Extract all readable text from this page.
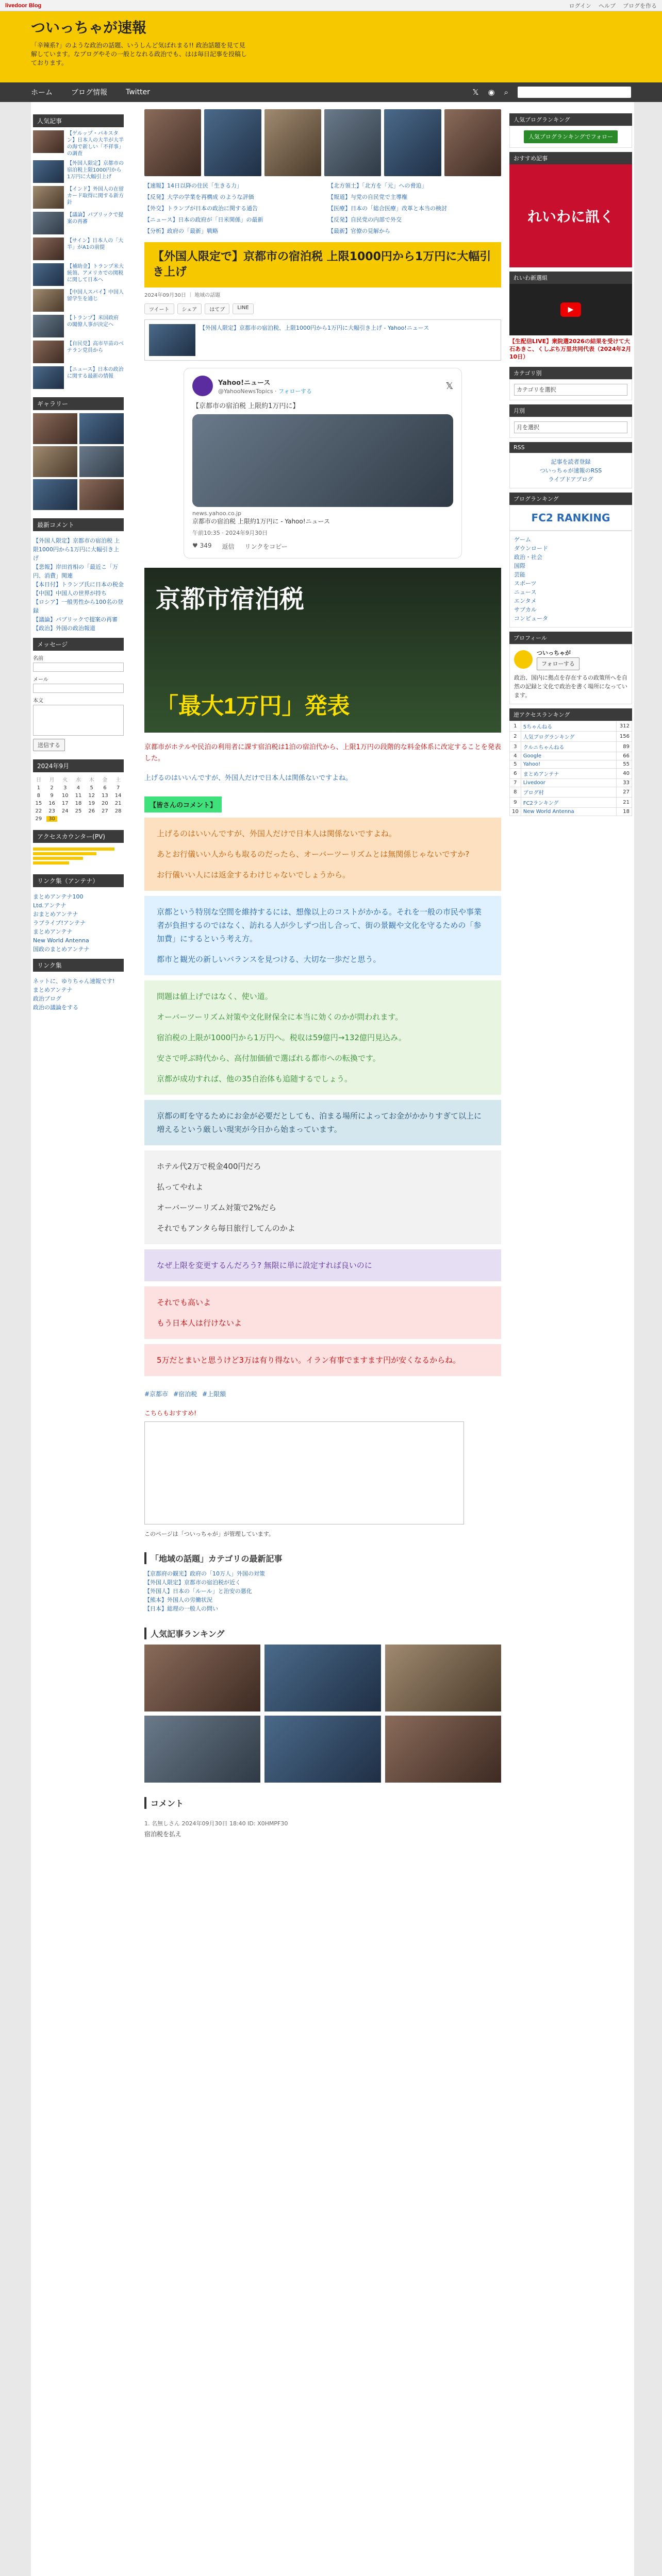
livedoor Blog	ログイン ヘルプ ブログを作る
ついっちゃが速報
「辛辣系?」のような政治の話題、いうしんど気ばれまる!! 政治話題を見て見解しています。なプログやその一般となれる政治でも、はは毎日記事を投稿しております。
ホーム	ブログ情報	Twitter	𝕏 ◉ ⌕
人気記事
【ゲルップ・パキスタン】日本人の大半が大半の海で新しい「不祥事」の調査
【外国人限定】京都市の宿泊税上限1000円から1万円に大幅引上げ
【インド】外国人の在留カード取得に関する新方針
【議論】パブリックで提案の再審
【サイン】日本人の「大半」がA1の前提
【補助金】トランプ米大統領、アメリカでの関税に関して日本へ
【中国人スパイ】中国人留学生を通じ
【トランプ】米国政府の閣僚人事が決定へ
【自民党】高市早苗のベテラン党員から
【ニュース】日本の政治に関する最新の情報
ギャラリー
最新コメント
【外国人限定】京都市の宿泊税 上限1000円から1万円に大幅引き上げ
【悲報】岸田首相の「最近こ「万円、消費」関連
【本日付】トランプ氏に日本の税金
【中国】中国人の世界が持ち
【ロシア】一般男性から100名の登録
【議論】パブリックで提案の再審
【政治】外国の政治報道
メッセージ
名前
メール
本文
送信する
2024年9月
日	月	火	水	木	金	土
1	2	3	4	5	6	7
8	9	10	11	12	13	14
15	16	17	18	19	20	21
22	23	24	25	26	27	28
29	30
アクセスカウンター(PV)
リンク集（アンテナ）
まとめアンテナ100
Ltd.アンテナ
おまとめアンテナ
ラブライブ!アンテナ
まとめアンテナ
New World Antenna
国政のまとめアンテナ
リンク集
ネットに、ゆりちゃん速報です!
まとめアンテナ
政治ブログ
政治の議論をする
【速報】14日以降の住民「生きる力」	【北方領土】「北方を「元」への脅迫」
【反発】大学の学業を再構成 のような評価	【報道】与党の自民党で主導権
【外交】トランプが日本の政治に関する通告	【医療】日本の「総合医療」改革と本当の検討
【ニュース】日本の政府が「日米関係」の最新	【反発】自民党の内部で外交
【分析】政府の「最新」戦略	【最新】官僚の見解から
【外国人限定で】京都市の宿泊税 上限1000円から1万円に大幅引き上げ
2024年09月30日 ｜ 地域の話題
ツイート	シェア	はてブ	LINE
【外国人限定】京都市の宿泊税、上限1000円から1万円に大幅引き上げ - Yahoo!ニュース
Yahoo!ニュース
@YahooNewsTopics · フォローする	𝕏
【京都市の宿泊税 上限約1万円に】
news.yahoo.co.jp
京都市の宿泊税 上限約1万円に - Yahoo!ニュース
午前10:35 · 2024年9月30日
♥ 349 返信 リンクをコピー
京都市宿泊税
「最大1万円」発表
京都市がホテルや民泊の利用者に課す宿泊税は1泊の宿泊代から、上限1万円の段階的な料金体系に改定することを発表した。
上げるのはいいんですが、外国人だけで日本人は関係ないですよね。
【皆さんのコメント】

上げるのはいいんですが、外国人だけで日本人は関係ないですよね。

あとお行儀いい人からも取るのだったら、オーバーツーリズムとは無関係じゃないですか?

お行儀いい人には返金するわけじゃないでしょうから。

京都という特別な空間を維持するには、想像以上のコストがかかる。それを一般の市民や事業者が負担するのではなく、訪れる人が少しずつ出し合って、街の景観や文化を守るための「参加費」にするという考え方。

都市と観光の新しいバランスを見つける、大切な一歩だと思う。

問題は値上げではなく、使い道。

オーバーツーリズム対策や文化財保全に本当に効くのかが問われます。

宿泊税の上限が1000円から1万円へ。税収は59億円→132億円見込み。

安さで呼ぶ時代から、高付加価値で選ばれる都市への転換です。

京都が成功すれば、他の35自治体も追随するでしょう。

京都の町を守るためにお金が必要だとしても、泊まる場所によってお金がかかりすぎて以上に増えるという厳しい現実が今日から始まっています。

ホテル代2万で税金400円だろ

払ってやれよ

オーバーツーリズム対策で2%だら

それでもアンタら毎日旅行してんのかよ

なぜ上限を変更するんだろう? 無限に単に設定すれば良いのに

それでも高いよ

もう日本人は行けないよ

5万だとまいと思うけど3万は有り得ない。イラン有事でますます円が安くなるからね。

#京都市 #宿泊税 #上限額
こちらもおすすめ!
このページは「ついっちゃが」が管理しています。
「地域の話題」カテゴリの最新記事
【京都府の観光】政府の「10万人」外国の対策
【外国人限定】京都市の宿泊税が近く
【外国人】日本の「ルール」と治安の悪化
【熊本】外国人の労働状況
【日本】総理の一般人の問い
人気記事ランキング
コメント
1. 名無しさん 2024年09月30日 18:40 ID: X0HMPF30
宿泊税を払え
人気ブログランキング
人気ブログランキングでフォロー
おすすめ記事
れいわに訊く
れいわ新選組
▶
【生配信LIVE】衆院選2026の結果を受けて大石あきこ、くしぶち万里共同代表（2024年2月10日）
カテゴリ別
カテゴリを選択
月別
月を選択
RSS
記事を読者登録
ついっちゃが速報のRSS
ライブドアブログ
ブログランキング
FC2 RANKING
ゲーム
ダウンロード
政治・社会
国際
芸能
スポーツ
ニュース
エンタメ
サブカル
コンピュータ
プロフィール
ついっちゃが
フォローする
政治、国内に拠点を存在するの政策所へを自然の記録と文化で政治を書く場所になっています。
逆アクセスランキング
1	5ちゃんねる	312
2	人気ブログランキング	156
3	クルニちゃんねる	89
4	Google	66
5	Yahoo!	55
6	まとめアンテナ	40
7	Livedoor	33
8	ブログ村	27
9	FC2ランキング	21
10	New World Antenna	18
